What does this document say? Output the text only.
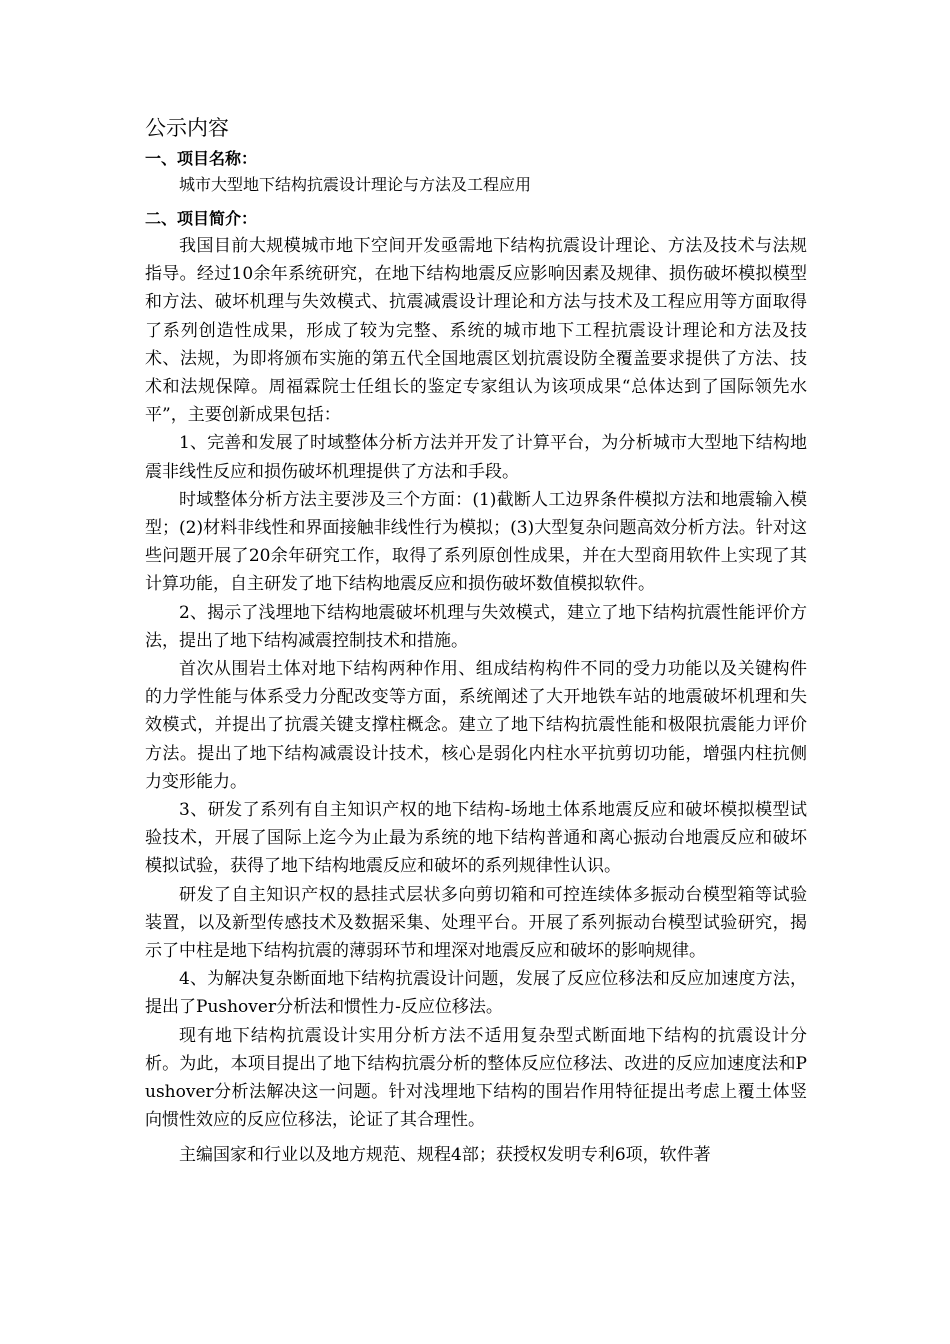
公示内容
一、项目名称：
城市大型地下结构抗震设计理论与方法及工程应用
二、项目简介：

我国目前大规模城市地下空间开发亟需地下结构抗震设计理论、方法及技术与法规指导。经过10余年系统研究，在地下结构地震反应影响因素及规律、损伤破坏模拟模型和方法、破坏机理与失效模式、抗震减震设计理论和方法与技术及工程应用等方面取得了系列创造性成果，形成了较为完整、系统的城市地下工程抗震设计理论和方法及技术、法规，为即将颁布实施的第五代全国地震区划抗震设防全覆盖要求提供了方法、技术和法规保障。周福霖院士任组长的鉴定专家组认为该项成果“总体达到了国际领先水平”，主要创新成果包括：

1、完善和发展了时域整体分析方法并开发了计算平台，为分析城市大型地下结构地震非线性反应和损伤破坏机理提供了方法和手段。

时域整体分析方法主要涉及三个方面：(1)截断人工边界条件模拟方法和地震输入模型；(2)材料非线性和界面接触非线性行为模拟；(3)大型复杂问题高效分析方法。针对这些问题开展了20余年研究工作，取得了系列原创性成果，并在大型商用软件上实现了其计算功能，自主研发了地下结构地震反应和损伤破坏数值模拟软件。

2、揭示了浅埋地下结构地震破坏机理与失效模式，建立了地下结构抗震性能评价方法，提出了地下结构减震控制技术和措施。

首次从围岩土体对地下结构两种作用、组成结构构件不同的受力功能以及关键构件的力学性能与体系受力分配改变等方面，系统阐述了大开地铁车站的地震破坏机理和失效模式，并提出了抗震关键支撑柱概念。建立了地下结构抗震性能和极限抗震能力评价方法。提出了地下结构减震设计技术，核心是弱化内柱水平抗剪切功能，增强内柱抗侧力变形能力。

3、研发了系列有自主知识产权的地下结构-场地土体系地震反应和破坏模拟模型试验技术，开展了国际上迄今为止最为系统的地下结构普通和离心振动台地震反应和破坏模拟试验，获得了地下结构地震反应和破坏的系列规律性认识。

研发了自主知识产权的悬挂式层状多向剪切箱和可控连续体多振动台模型箱等试验装置，以及新型传感技术及数据采集、处理平台。开展了系列振动台模型试验研究，揭示了中柱是地下结构抗震的薄弱环节和埋深对地震反应和破坏的影响规律。

4、为解决复杂断面地下结构抗震设计问题，发展了反应位移法和反应加速度方法，提出了Pushover分析法和惯性力-反应位移法。

现有地下结构抗震设计实用分析方法不适用复杂型式断面地下结构的抗震设计分析。为此，本项目提出了地下结构抗震分析的整体反应位移法、改进的反应加速度法和Pushover分析法解决这一问题。针对浅埋地下结构的围岩作用特征提出考虑上覆土体竖向惯性效应的反应位移法，论证了其合理性。

主编国家和行业以及地方规范、规程4部；获授权发明专利6项，软件著
